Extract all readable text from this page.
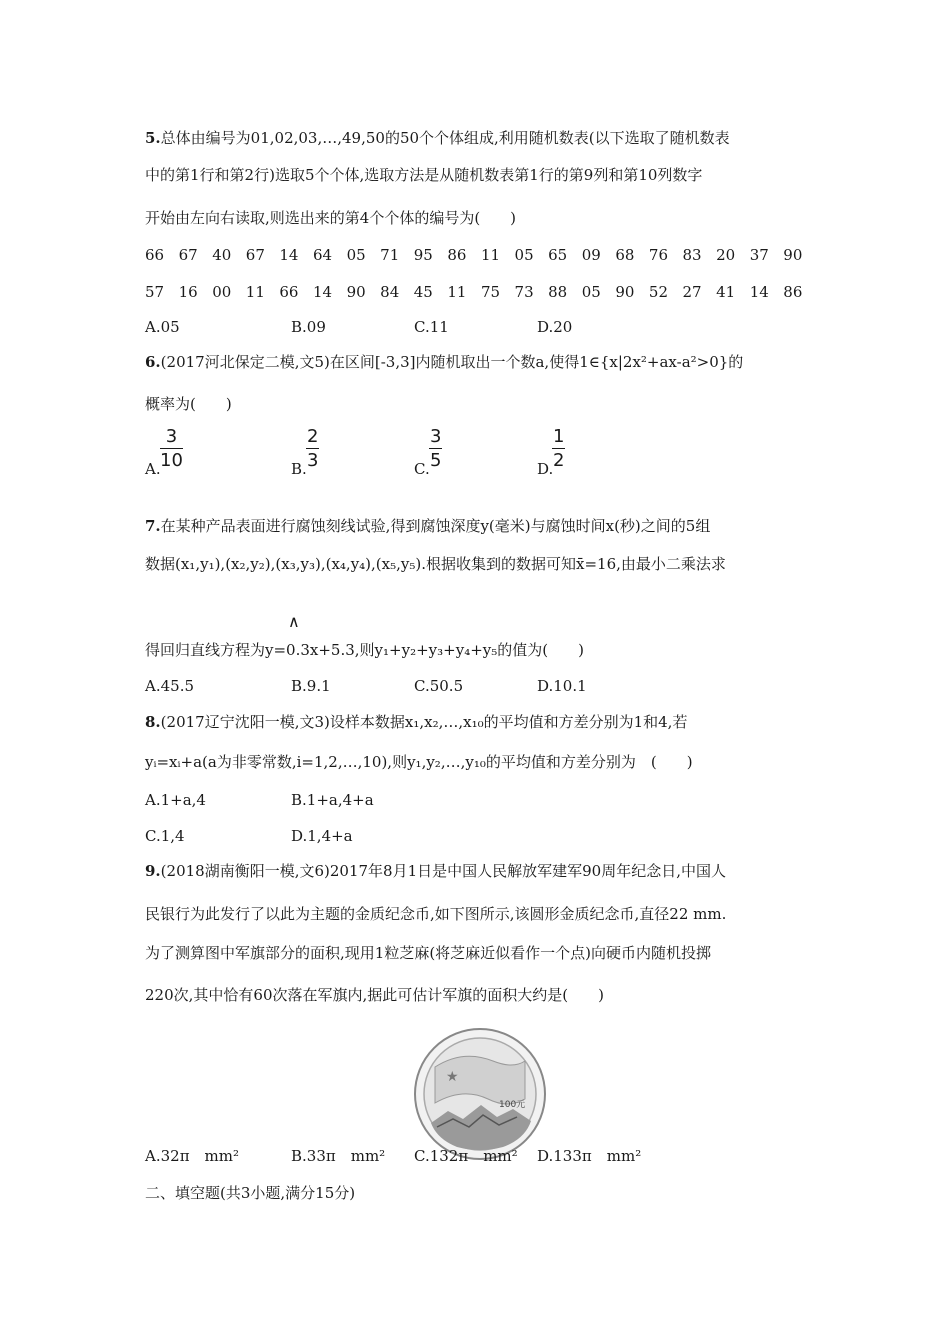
5.总体由编号为01,02,03,…,49,50的50个个体组成,利用随机数表(以下选取了随机数表
中的第1行和第2行)选取5个个体,选取方法是从随机数表第1行的第9列和第10列数字
开始由左向右读取,则选出来的第4个个体的编号为(　　)
66 67 40 67 14 64 05 71 95 86 11 05 65 09 68 76 83 20 37 90
57 16 00 11 66 14 90 84 45 11 75 73 88 05 90 52 27 41 14 86
A.05	B.09	C.11	D.20
6.(2017河北保定二模,文5)在区间[-3,3]内随机取出一个数a,使得1∈{x|2x²+ax-a²>0}的
概率为(　　)
A.
3
10	B.
2
3	C.
3
5	D.
1
2
7.在某种产品表面进行腐蚀刻线试验,得到腐蚀深度y(毫米)与腐蚀时间x(秒)之间的5组
数据(x₁,y₁),(x₂,y₂),(x₃,y₃),(x₄,y₄),(x₅,y₅).根据收集到的数据可知x̄=16,由最小二乘法求
∧
得回归直线方程为y=0.3x+5.3,则y₁+y₂+y₃+y₄+y₅的值为(　　)
A.45.5	B.9.1	C.50.5	D.10.1
8.(2017辽宁沈阳一模,文3)设样本数据x₁,x₂,…,x₁₀的平均值和方差分别为1和4,若
yᵢ=xᵢ+a(a为非零常数,i=1,2,…,10),则y₁,y₂,…,y₁₀的平均值和方差分别为　(　　)
A.1+a,4	B.1+a,4+a
C.1,4	D.1,4+a
9.(2018湖南衡阳一模,文6)2017年8月1日是中国人民解放军建军90周年纪念日,中国人
民银行为此发行了以此为主题的金质纪念币,如下图所示,该圆形金质纪念币,直径22 mm.
为了测算图中军旗部分的面积,现用1粒芝麻(将芝麻近似看作一个点)向硬币内随机投掷
220次,其中恰有60次落在军旗内,据此可估计军旗的面积大约是(　　)
★
100元
A.32π　mm²	B.33π　mm² C.132π　mm² D.133π　mm²
二、填空题(共3小题,满分15分)
